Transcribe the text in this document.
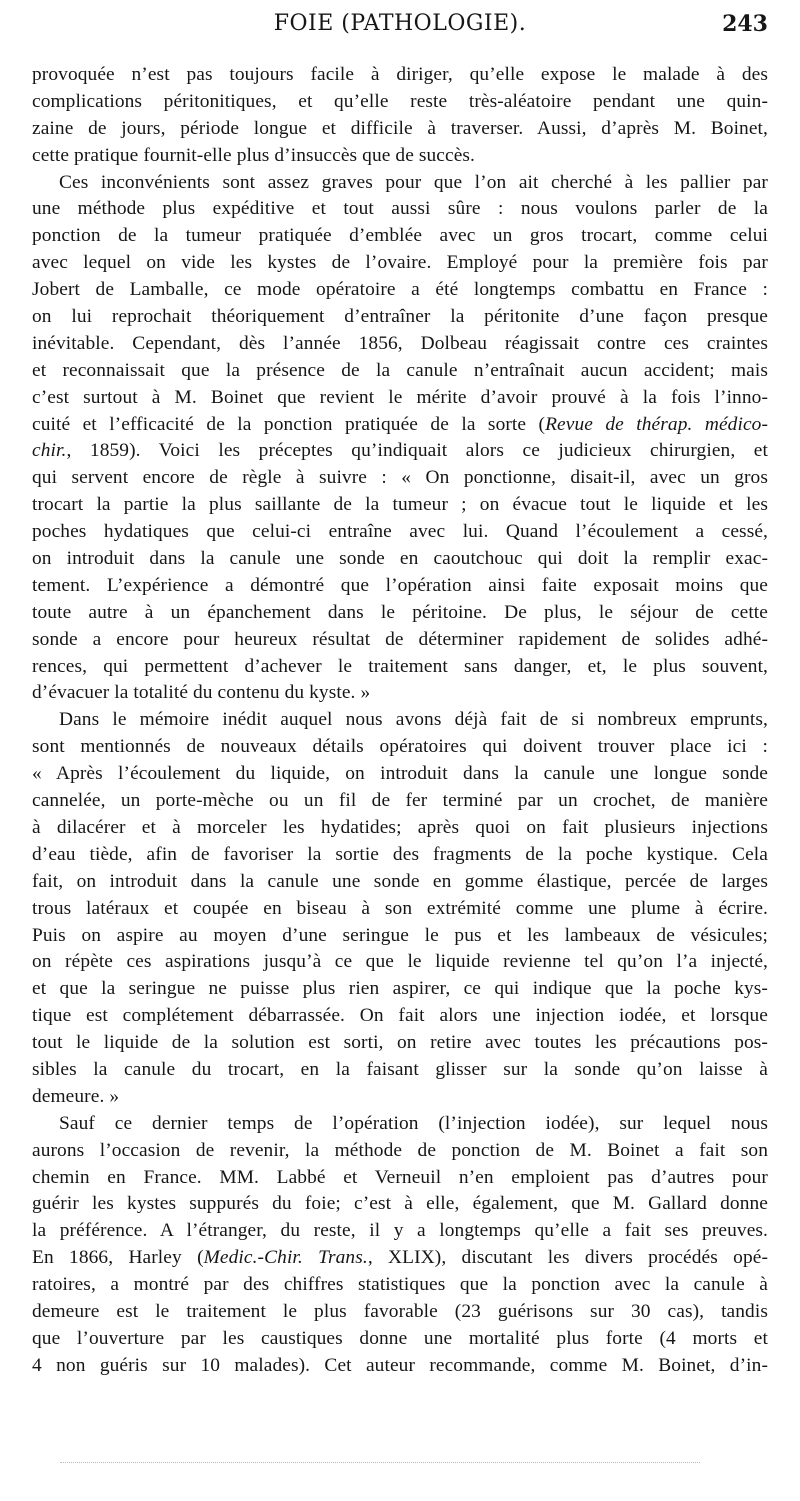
FOIE (PATHOLOGIE).	243
provoquée n’est pas toujours facile à diriger, qu’elle expose le malade à des
complications péritonitiques, et qu’elle reste très-aléatoire pendant une quin-
zaine de jours, période longue et difficile à traverser. Aussi, d’après M. Boinet,
cette pratique fournit-elle plus d’insuccès que de succès.
Ces inconvénients sont assez graves pour que l’on ait cherché à les pallier par
une méthode plus expéditive et tout aussi sûre : nous voulons parler de la
ponction de la tumeur pratiquée d’emblée avec un gros trocart, comme celui
avec lequel on vide les kystes de l’ovaire. Employé pour la première fois par
Jobert de Lamballe, ce mode opératoire a été longtemps combattu en France :
on lui reprochait théoriquement d’entraîner la péritonite d’une façon presque
inévitable. Cependant, dès l’année 1856, Dolbeau réagissait contre ces craintes
et reconnaissait que la présence de la canule n’entraînait aucun accident; mais
c’est surtout à M. Boinet que revient le mérite d’avoir prouvé à la fois l’inno-
cuité et l’efficacité de la ponction pratiquée de la sorte (Revue de thérap. médico-
chir., 1859). Voici les préceptes qu’indiquait alors ce judicieux chirurgien, et
qui servent encore de règle à suivre : « On ponctionne, disait-il, avec un gros
trocart la partie la plus saillante de la tumeur ; on évacue tout le liquide et les
poches hydatiques que celui-ci entraîne avec lui. Quand l’écoulement a cessé,
on introduit dans la canule une sonde en caoutchouc qui doit la remplir exac-
tement. L’expérience a démontré que l’opération ainsi faite exposait moins que
toute autre à un épanchement dans le péritoine. De plus, le séjour de cette
sonde a encore pour heureux résultat de déterminer rapidement de solides adhé-
rences, qui permettent d’achever le traitement sans danger, et, le plus souvent,
d’évacuer la totalité du contenu du kyste. »
Dans le mémoire inédit auquel nous avons déjà fait de si nombreux emprunts,
sont mentionnés de nouveaux détails opératoires qui doivent trouver place ici :
« Après l’écoulement du liquide, on introduit dans la canule une longue sonde
cannelée, un porte-mèche ou un fil de fer terminé par un crochet, de manière
à dilacérer et à morceler les hydatides; après quoi on fait plusieurs injections
d’eau tiède, afin de favoriser la sortie des fragments de la poche kystique. Cela
fait, on introduit dans la canule une sonde en gomme élastique, percée de larges
trous latéraux et coupée en biseau à son extrémité comme une plume à écrire.
Puis on aspire au moyen d’une seringue le pus et les lambeaux de vésicules;
on répète ces aspirations jusqu’à ce que le liquide revienne tel qu’on l’a injecté,
et que la seringue ne puisse plus rien aspirer, ce qui indique que la poche kys-
tique est complétement débarrassée. On fait alors une injection iodée, et lorsque
tout le liquide de la solution est sorti, on retire avec toutes les précautions pos-
sibles la canule du trocart, en la faisant glisser sur la sonde qu’on laisse à
demeure. »
Sauf ce dernier temps de l’opération (l’injection iodée), sur lequel nous
aurons l’occasion de revenir, la méthode de ponction de M. Boinet a fait son
chemin en France. MM. Labbé et Verneuil n’en emploient pas d’autres pour
guérir les kystes suppurés du foie; c’est à elle, également, que M. Gallard donne
la préférence. A l’étranger, du reste, il y a longtemps qu’elle a fait ses preuves.
En 1866, Harley (Medic.-Chir. Trans., XLIX), discutant les divers procédés opé-
ratoires, a montré par des chiffres statistiques que la ponction avec la canule à
demeure est le traitement le plus favorable (23 guérisons sur 30 cas), tandis
que l’ouverture par les caustiques donne une mortalité plus forte (4 morts et
4 non guéris sur 10 malades). Cet auteur recommande, comme M. Boinet, d’in-
